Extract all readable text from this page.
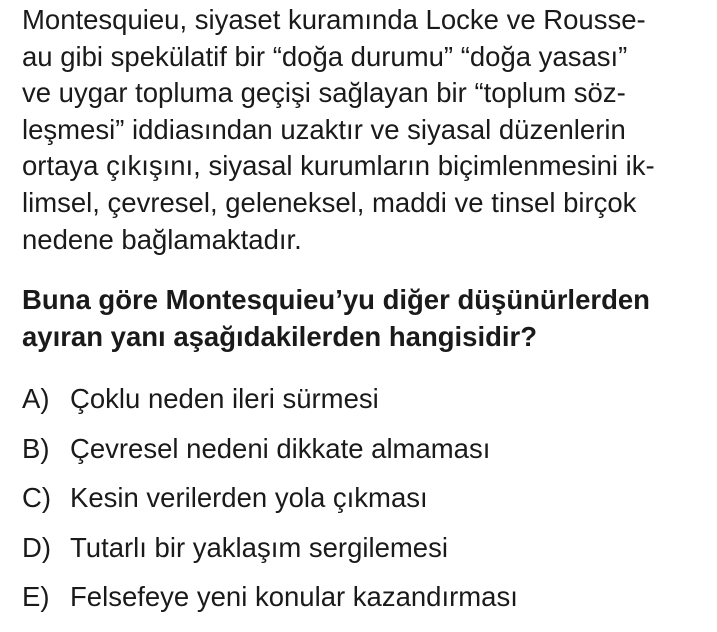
Montesquieu, siyaset kuramında Locke ve Rousse-
au gibi spekülatif bir “doğa durumu” “doğa yasası”
ve uygar topluma geçişi sağlayan bir “toplum söz-
leşmesi” iddiasından uzaktır ve siyasal düzenlerin
ortaya çıkışını, siyasal kurumların biçimlenmesini ik-
limsel, çevresel, geleneksel, maddi ve tinsel birçok
nedene bağlamaktadır.

Buna göre Montesquieu’yu diğer düşünürlerden
ayıran yanı aşağıdakilerden hangisidir?

A) Çoklu neden ileri sürmesi
B) Çevresel nedeni dikkate almaması
C) Kesin verilerden yola çıkması
D) Tutarlı bir yaklaşım sergilemesi
E) Felsefeye yeni konular kazandırması
